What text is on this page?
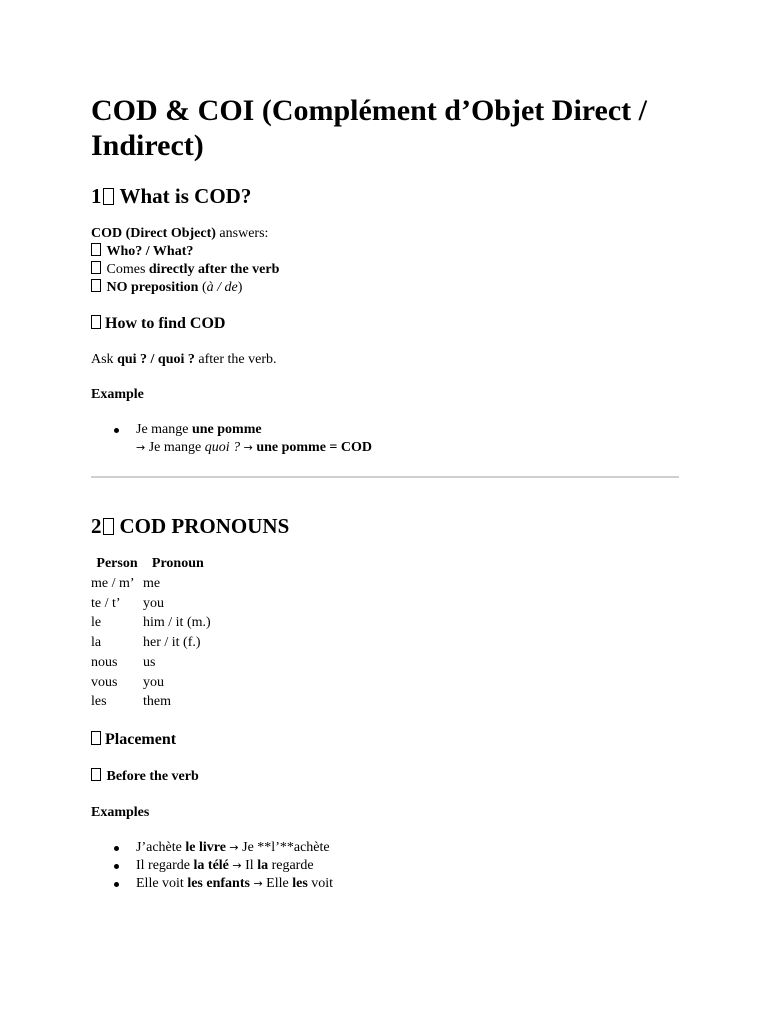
COD & COI (Complément d’Objet Direct / Indirect)
1 What is COD?

COD (Direct Object) answers:

Who? / What?

Comes directly after the verb

NO preposition (à / de)

How to find COD

Ask qui ? / quoi ? after the verb.

Example

Je mange une pomme
→ Je mange quoi ? → une pomme = COD
2 COD PRONOUNS
Person	Pronoun
me / m’	me
te / t’	you
le	him / it (m.)
la	her / it (f.)
nous	us
vous	you
les	them
Placement

Before the verb

Examples

J’achète le livre → Je **l’**achète
Il regarde la télé → Il la regarde
Elle voit les enfants → Elle les voit
